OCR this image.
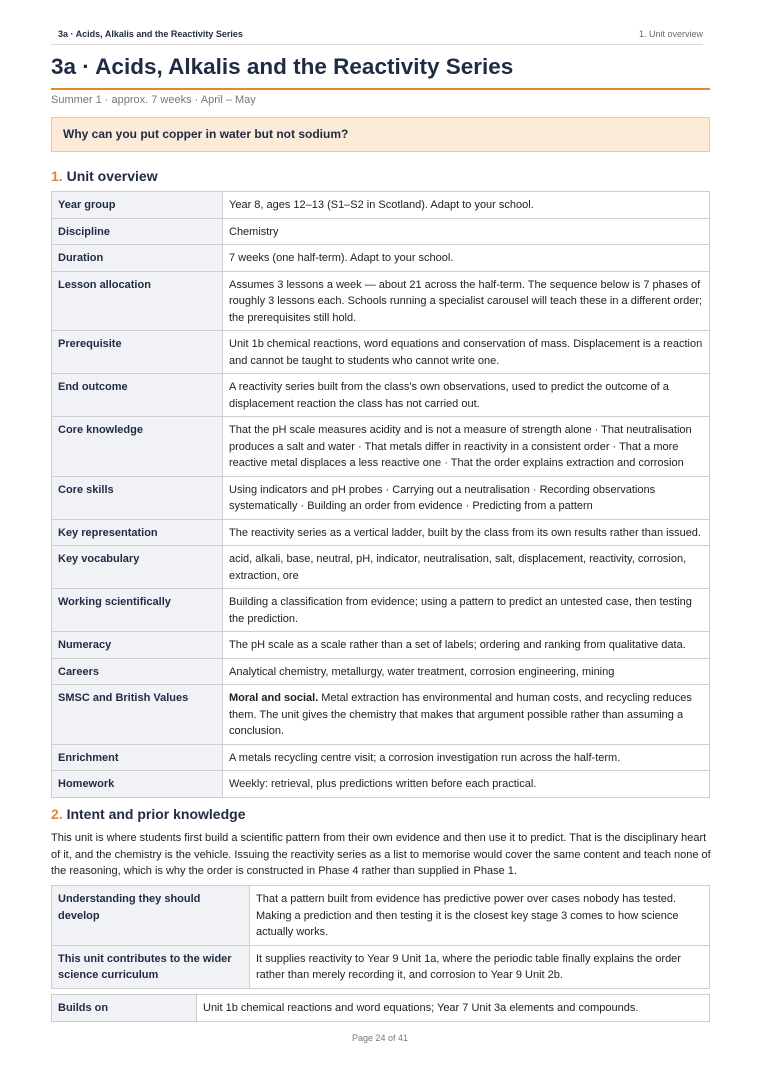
3a · Acids, Alkalis and the Reactivity Series	1. Unit overview
3a · Acids, Alkalis and the Reactivity Series
Summer 1 · approx. 7 weeks · April – May
Why can you put copper in water but not sodium?
1. Unit overview
Year group	Year 8, ages 12–13 (S1–S2 in Scotland). Adapt to your school.
Discipline	Chemistry
Duration	7 weeks (one half-term). Adapt to your school.
Lesson allocation	Assumes 3 lessons a week — about 21 across the half-term. The sequence below is 7 phases of roughly 3 lessons each. Schools running a specialist carousel will teach these in a different order; the prerequisites still hold.
Prerequisite	Unit 1b chemical reactions, word equations and conservation of mass. Displacement is a reaction and cannot be taught to students who cannot write one.
End outcome	A reactivity series built from the class's own observations, used to predict the outcome of a displacement reaction the class has not carried out.
Core knowledge	That the pH scale measures acidity and is not a measure of strength alone · That neutralisation produces a salt and water · That metals differ in reactivity in a consistent order · That a more reactive metal displaces a less reactive one · That the order explains extraction and corrosion
Core skills	Using indicators and pH probes · Carrying out a neutralisation · Recording observations systematically · Building an order from evidence · Predicting from a pattern
Key representation	The reactivity series as a vertical ladder, built by the class from its own results rather than issued.
Key vocabulary	acid, alkali, base, neutral, pH, indicator, neutralisation, salt, displacement, reactivity, corrosion, extraction, ore
Working scientifically	Building a classification from evidence; using a pattern to predict an untested case, then testing the prediction.
Numeracy	The pH scale as a scale rather than a set of labels; ordering and ranking from qualitative data.
Careers	Analytical chemistry, metallurgy, water treatment, corrosion engineering, mining
SMSC and British Values	Moral and social. Metal extraction has environmental and human costs, and recycling reduces them. The unit gives the chemistry that makes that argument possible rather than assuming a conclusion.
Enrichment	A metals recycling centre visit; a corrosion investigation run across the half-term.
Homework	Weekly: retrieval, plus predictions written before each practical.
2. Intent and prior knowledge

This unit is where students first build a scientific pattern from their own evidence and then use it to predict. That is the disciplinary heart of it, and the chemistry is the vehicle. Issuing the reactivity series as a list to memorise would cover the same content and teach none of the reasoning, which is why the order is constructed in Phase 4 rather than supplied in Phase 1.

Understanding they should develop	That a pattern built from evidence has predictive power over cases nobody has tested. Making a prediction and then testing it is the closest key stage 3 comes to how science actually works.
This unit contributes to the wider science curriculum	It supplies reactivity to Year 9 Unit 1a, where the periodic table finally explains the order rather than merely recording it, and corrosion to Year 9 Unit 2b.
Builds on	Unit 1b chemical reactions and word equations; Year 7 Unit 3a elements and compounds.
Page 24 of 41
